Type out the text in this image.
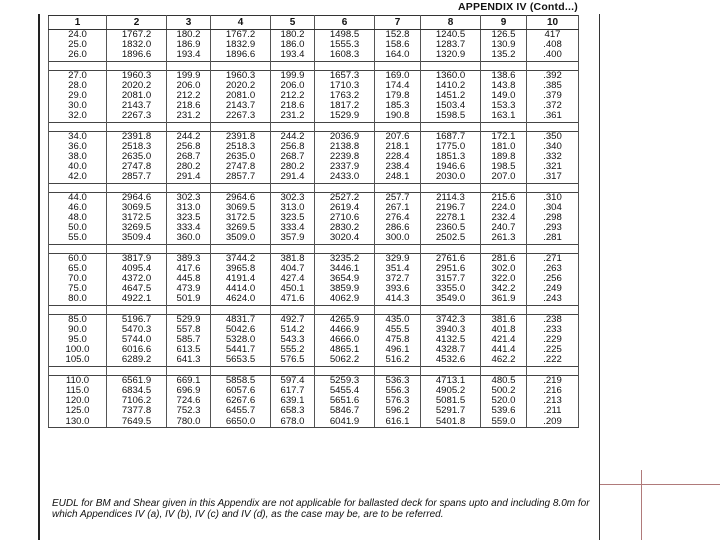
APPENDIX IV (Contd...)
1	2	3	4	5	6	7	8	9	10
24.0	1767.2	180.2	1767.2	180.2	1498.5	152.8	1240.5	126.5	417
25.0	1832.0	186.9	1832.9	186.0	1555.3	158.6	1283.7	130.9	.408
26.0	1896.6	193.4	1896.6	193.4	1608.3	164.0	1320.9	135.2	.400

27.0	1960.3	199.9	1960.3	199.9	1657.3	169.0	1360.0	138.6	.392
28.0	2020.2	206.0	2020.2	206.0	1710.3	174.4	1410.2	143.8	.385
29.0	2081.0	212.2	2081.0	212.2	1763.2	179.8	1451.2	149.0	.379
30.0	2143.7	218.6	2143.7	218.6	1817.2	185.3	1503.4	153.3	.372
32.0	2267.3	231.2	2267.3	231.2	1529.9	190.8	1598.5	163.1	.361

34.0	2391.8	244.2	2391.8	244.2	2036.9	207.6	1687.7	172.1	.350
36.0	2518.3	256.8	2518.3	256.8	2138.8	218.1	1775.0	181.0	.340
38.0	2635.0	268.7	2635.0	268.7	2239.8	228.4	1851.3	189.8	.332
40.0	2747.8	280.2	2747.8	280.2	2337.9	238.4	1946.6	198.5	.321
42.0	2857.7	291.4	2857.7	291.4	2433.0	248.1	2030.0	207.0	.317

44.0	2964.6	302.3	2964.6	302.3	2527.2	257.7	2114.3	215.6	.310
46.0	3069.5	313.0	3069.5	313.0	2619.4	267.1	2196.7	224.0	.304
48.0	3172.5	323.5	3172.5	323.5	2710.6	276.4	2278.1	232.4	.298
50.0	3269.5	333.4	3269.5	333.4	2830.2	286.6	2360.5	240.7	.293
55.0	3509.4	360.0	3509.0	357.9	3020.4	300.0	2502.5	261.3	.281

60.0	3817.9	389.3	3744.2	381.8	3235.2	329.9	2761.6	281.6	.271
65.0	4095.4	417.6	3965.8	404.7	3446.1	351.4	2951.6	302.0	.263
70.0	4372.0	445.8	4191.4	427.4	3654.9	372.7	3157.7	322.0	.256
75.0	4647.5	473.9	4414.0	450.1	3859.9	393.6	3355.0	342.2	.249
80.0	4922.1	501.9	4624.0	471.6	4062.9	414.3	3549.0	361.9	.243

85.0	5196.7	529.9	4831.7	492.7	4265.9	435.0	3742.3	381.6	.238
90.0	5470.3	557.8	5042.6	514.2	4466.9	455.5	3940.3	401.8	.233
95.0	5744.0	585.7	5328.0	543.3	4666.0	475.8	4132.5	421.4	.229
100.0	6016.6	613.5	5441.7	555.2	4865.1	496.1	4328.7	441.4	.225
105.0	6289.2	641.3	5653.5	576.5	5062.2	516.2	4532.6	462.2	.222

110.0	6561.9	669.1	5858.5	597.4	5259.3	536.3	4713.1	480.5	.219
115.0	6834.5	696.9	6057.6	617.7	5455.4	556.3	4905.2	500.2	.216
120.0	7106.2	724.6	6267.6	639.1	5651.6	576.3	5081.5	520.0	.213
125.0	7377.8	752.3	6455.7	658.3	5846.7	596.2	5291.7	539.6	.211
130.0	7649.5	780.0	6650.0	678.0	6041.9	616.1	5401.8	559.0	.209
EUDL for BM and Shear given in this Appendix are not applicable for ballasted deck for spans upto and including 8.0m for which Appendices IV (a), IV (b), IV (c) and IV (d), as the case may be, are to be referred.
